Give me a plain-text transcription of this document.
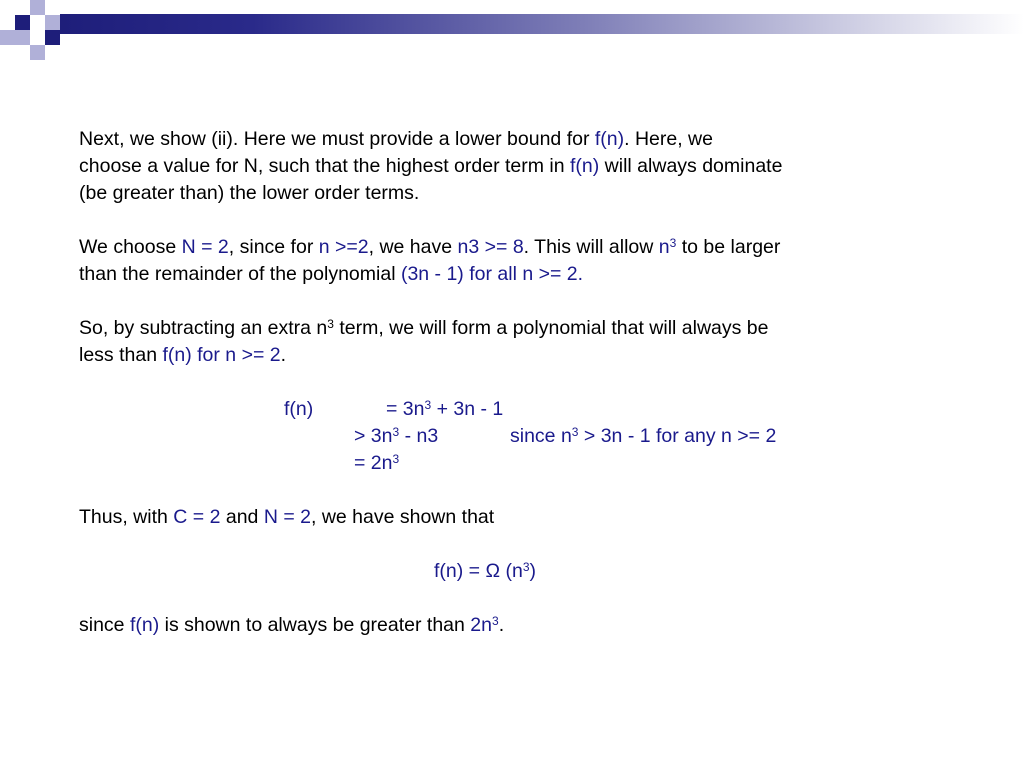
Next, we show (ii). Here we must provide a lower bound for f(n). Here, we

choose a value for N, such that the highest order term in f(n) will always dominate

(be greater than) the lower order terms.

We choose N = 2, since for n >=2, we have n3 >= 8. This will allow $n^3$ to be larger

than the remainder of the polynomial (3n - 1) for all n >= 2.

So, by subtracting an extra $n^3$ term, we will form a polynomial that will always be

less than f(n) for n >= 2.

f(n)	= $3n^3 + 3n - 1$
> $3n^3 - n3$	since $n^3 > 3n - 1$ for any n >= 2
= $2n^3$

Thus, with C = 2 and N = 2, we have shown that

f(n) = Ω $(n^3)$

since f(n) is shown to always be greater than $2n^3$.
